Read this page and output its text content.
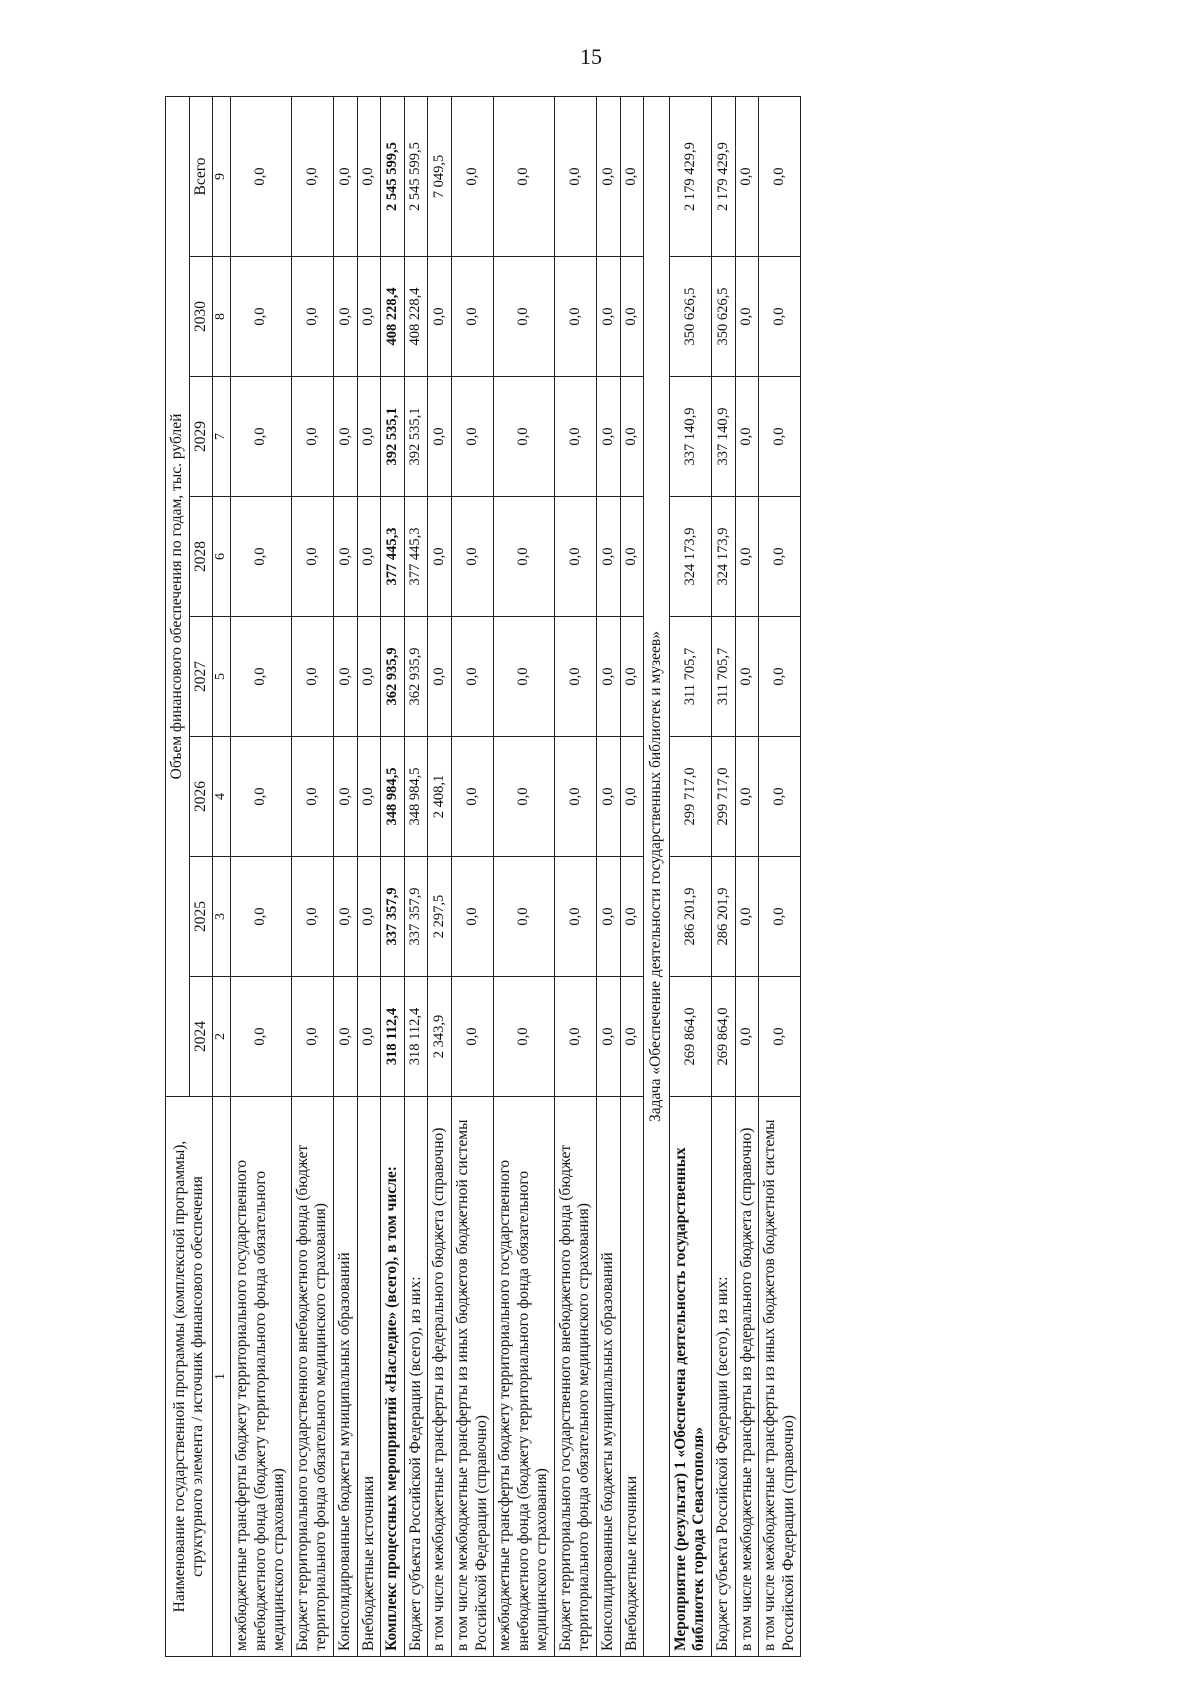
15
Наименование государственной программы (комплексной программы), структурного элемента / источник финансового обеспечения	Объем финансового обеспечения по годам, тыс. рублей							
	2024	2025	2026	2027	2028	2029	2030	Всего
1	2	3	4	5	6	7	8	9
межбюджетные трансферты бюджету территориального государственного внебюджетного фонда (бюджету территориального фонда обязательного медицинского страхования)	0,0	0,0	0,0	0,0	0,0	0,0	0,0	0,0
Бюджет территориального государственного внебюджетного фонда (бюджет территориального фонда обязательного медицинского страхования)	0,0	0,0	0,0	0,0	0,0	0,0	0,0	0,0
Консолидированные бюджеты муниципальных образований	0,0	0,0	0,0	0,0	0,0	0,0	0,0	0,0
Внебюджетные источники	0,0	0,0	0,0	0,0	0,0	0,0	0,0	0,0
Комплекс процессных мероприятий «Наследие» (всего), в том числе:	318 112,4	337 357,9	348 984,5	362 935,9	377 445,3	392 535,1	408 228,4	2 545 599,5
Бюджет субъекта Российской Федерации (всего), из них:	318 112,4	337 357,9	348 984,5	362 935,9	377 445,3	392 535,1	408 228,4	2 545 599,5
в том числе межбюджетные трансферты из федерального бюджета (справочно)	2 343,9	2 297,5	2 408,1	0,0	0,0	0,0	0,0	7 049,5
в том числе межбюджетные трансферты из иных бюджетов бюджетной системы Российской Федерации (справочно)	0,0	0,0	0,0	0,0	0,0	0,0	0,0	0,0
межбюджетные трансферты бюджету территориального государственного внебюджетного фонда (бюджету территориального фонда обязательного медицинского страхования)	0,0	0,0	0,0	0,0	0,0	0,0	0,0	0,0
Бюджет территориального государственного внебюджетного фонда (бюджет территориального фонда обязательного медицинского страхования)	0,0	0,0	0,0	0,0	0,0	0,0	0,0	0,0
Консолидированные бюджеты муниципальных образований	0,0	0,0	0,0	0,0	0,0	0,0	0,0	0,0
Внебюджетные источники	0,0	0,0	0,0	0,0	0,0	0,0	0,0	0,0
Задача «Обеспечение деятельности государственных библиотек и музеев»								
Мероприятие (результат) 1 «Обеспечена деятельность государственных библиотек города Севастополя»	269 864,0	286 201,9	299 717,0	311 705,7	324 173,9	337 140,9	350 626,5	2 179 429,9
Бюджет субъекта Российской Федерации (всего), из них:	269 864,0	286 201,9	299 717,0	311 705,7	324 173,9	337 140,9	350 626,5	2 179 429,9
в том числе межбюджетные трансферты из федерального бюджета (справочно)	0,0	0,0	0,0	0,0	0,0	0,0	0,0	0,0
в том числе межбюджетные трансферты из иных бюджетов бюджетной системы Российской Федерации (справочно)	0,0	0,0	0,0	0,0	0,0	0,0	0,0	0,0
